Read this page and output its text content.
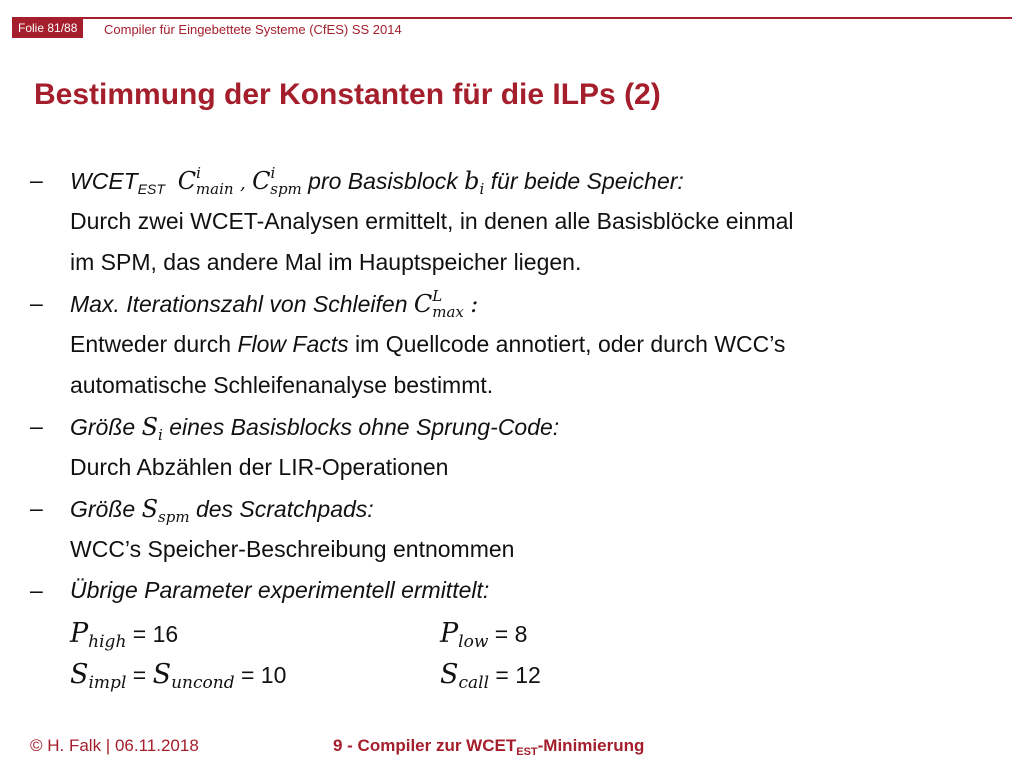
Folie 81/88	Compiler für Eingebettete Systeme (CfES) SS 2014
Bestimmung der Konstanten für die ILPs (2)
– $WCET_{EST}$ $C^i_{main}$ , $C^i_{spm}$ pro Basisblock $b_i$ für beide Speicher:
Durch zwei WCET-Analysen ermittelt, in denen alle Basisblöcke einmal
im SPM, das andere Mal im Hauptspeicher liegen.
– Max. Iterationszahl von Schleifen $C^L_{max}$ :
Entweder durch Flow Facts im Quellcode annotiert, oder durch WCC’s
automatische Schleifenanalyse bestimmt.
– Größe $S_i$ eines Basisblocks ohne Sprung-Code:
Durch Abzählen der LIR-Operationen
– Größe $S_{spm}$ des Scratchpads:
WCC’s Speicher-Beschreibung entnommen
– Übrige Parameter experimentell ermittelt:
$P_{high} = 16$	$P_{low} = 8$
$S_{impl} = S_{uncond} = 10$	$S_{call} = 12$
© H. Falk | 06.11.2018	9 - Compiler zur $WCET_{EST}$-Minimierung
